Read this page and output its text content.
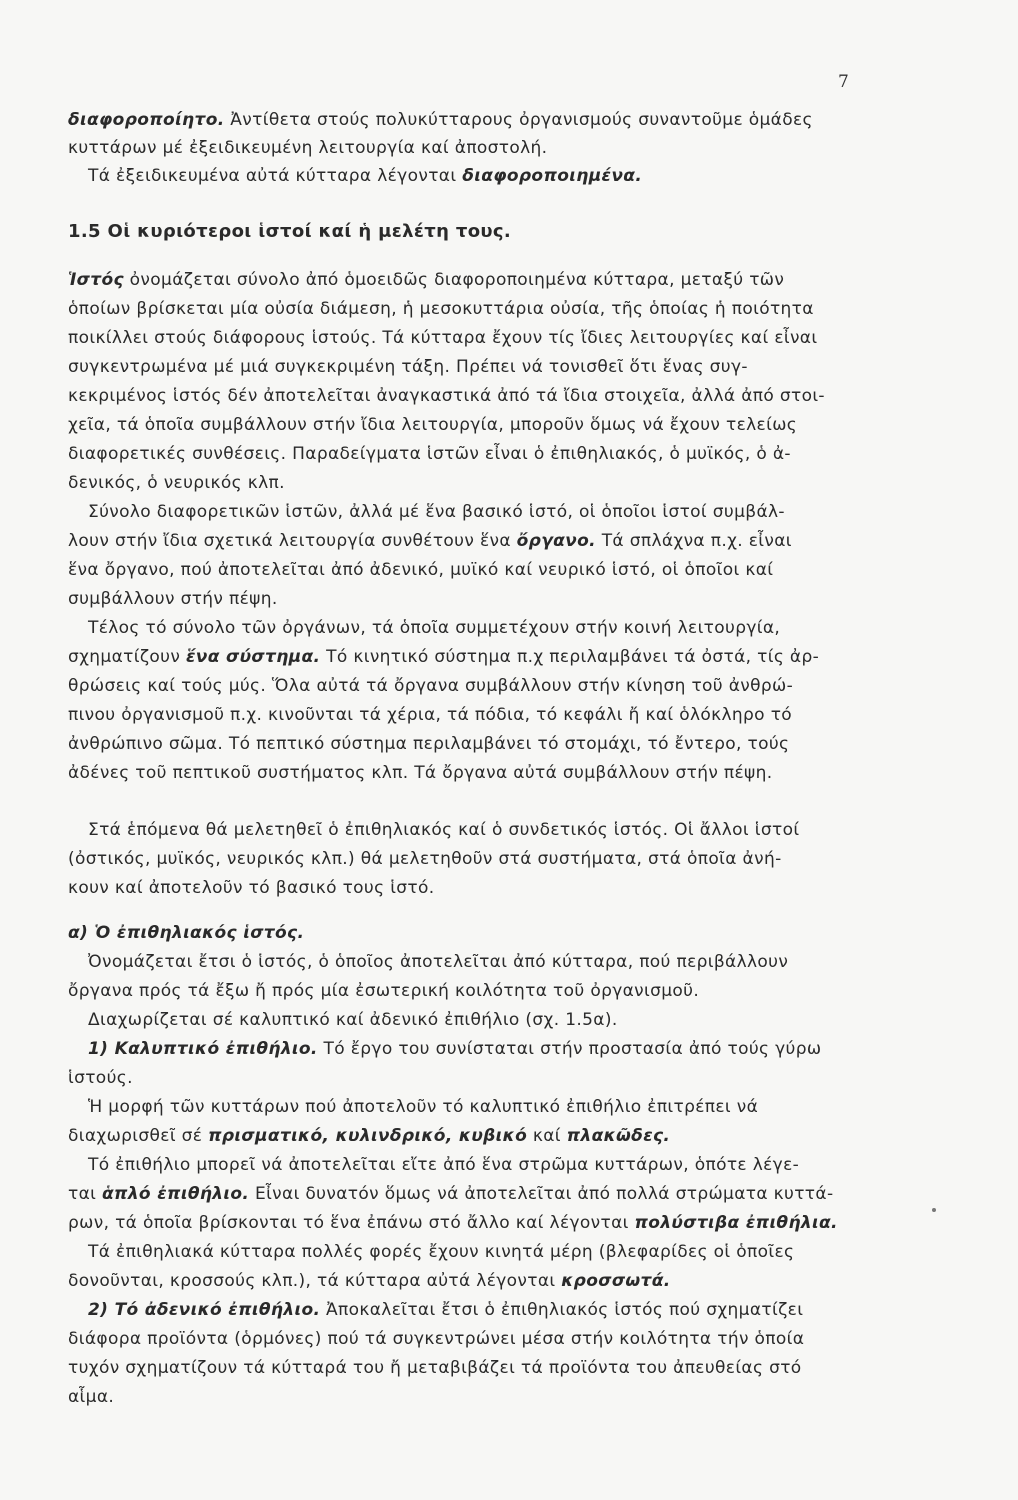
7
διαφοροποίητο. Ἀντίθετα στούς πολυκύτταρους ὀργανισμούς συναντοῦμε ὁμάδες
κυττάρων μέ ἐξειδικευμένη λειτουργία καί ἀποστολή.
Τά ἐξειδικευμένα αὐτά κύτταρα λέγονται διαφοροποιημένα.
1.5 Οἱ κυριότεροι ἱστοί καί ἡ μελέτη τους.
Ἱστός ὀνομάζεται σύνολο ἀπό ὁμοειδῶς διαφοροποιημένα κύτταρα, μεταξύ τῶν
ὁποίων βρίσκεται μία οὐσία διάμεση, ἡ μεσοκυττάρια οὐσία, τῆς ὁποίας ἡ ποιότητα
ποικίλλει στούς διάφορους ἱστούς. Τά κύτταρα ἔχουν τίς ἴδιες λειτουργίες καί εἶναι
συγκεντρωμένα μέ μιά συγκεκριμένη τάξη. Πρέπει νά τονισθεῖ ὅτι ἕνας συγ-
κεκριμένος ἱστός δέν ἀποτελεῖται ἀναγκαστικά ἀπό τά ἴδια στοιχεῖα, ἀλλά ἀπό στοι-
χεῖα, τά ὁποῖα συμβάλλουν στήν ἴδια λειτουργία, μποροῦν ὅμως νά ἔχουν τελείως
διαφορετικές συνθέσεις. Παραδείγματα ἱστῶν εἶναι ὁ ἐπιθηλιακός, ὁ μυϊκός, ὁ ἀ-
δενικός, ὁ νευρικός κλπ.
Σύνολο διαφορετικῶν ἱστῶν, ἀλλά μέ ἕνα βασικό ἱστό, οἱ ὁποῖοι ἱστοί συμβάλ-
λουν στήν ἴδια σχετικά λειτουργία συνθέτουν ἕνα ὄργανο. Τά σπλάχνα π.χ. εἶναι
ἕνα ὄργανο, πού ἀποτελεῖται ἀπό ἀδενικό, μυϊκό καί νευρικό ἱστό, οἱ ὁποῖοι καί
συμβάλλουν στήν πέψη.
Τέλος τό σύνολο τῶν ὀργάνων, τά ὁποῖα συμμετέχουν στήν κοινή λειτουργία,
σχηματίζουν ἕνα σύστημα. Τό κινητικό σύστημα π.χ περιλαμβάνει τά ὀστά, τίς ἀρ-
θρώσεις καί τούς μύς. Ὅλα αὐτά τά ὄργανα συμβάλλουν στήν κίνηση τοῦ ἀνθρώ-
πινου ὀργανισμοῦ π.χ. κινοῦνται τά χέρια, τά πόδια, τό κεφάλι ἤ καί ὁλόκληρο τό
ἀνθρώπινο σῶμα. Τό πεπτικό σύστημα περιλαμβάνει τό στομάχι, τό ἔντερο, τούς
ἀδένες τοῦ πεπτικοῦ συστήματος κλπ. Τά ὄργανα αὐτά συμβάλλουν στήν πέψη.
Στά ἑπόμενα θά μελετηθεῖ ὁ ἐπιθηλιακός καί ὁ συνδετικός ἱστός. Οἱ ἄλλοι ἱστοί
(ὀστικός, μυϊκός, νευρικός κλπ.) θά μελετηθοῦν στά συστήματα, στά ὁποῖα ἀνή-
κουν καί ἀποτελοῦν τό βασικό τους ἱστό.
α) Ὁ ἐπιθηλιακός ἱστός.
Ὀνομάζεται ἔτσι ὁ ἱστός, ὁ ὁποῖος ἀποτελεῖται ἀπό κύτταρα, πού περιβάλλουν
ὄργανα πρός τά ἔξω ἤ πρός μία ἐσωτερική κοιλότητα τοῦ ὀργανισμοῦ.
Διαχωρίζεται σέ καλυπτικό καί ἀδενικό ἐπιθήλιο (σχ. 1.5α).
1) Καλυπτικό ἐπιθήλιο. Τό ἔργο του συνίσταται στήν προστασία ἀπό τούς γύρω
ἱστούς.
Ἡ μορφή τῶν κυττάρων πού ἀποτελοῦν τό καλυπτικό ἐπιθήλιο ἐπιτρέπει νά
διαχωρισθεῖ σέ πρισματικό, κυλινδρικό, κυβικό καί πλακῶδες.
Τό ἐπιθήλιο μπορεῖ νά ἀποτελεῖται εἴτε ἀπό ἕνα στρῶμα κυττάρων, ὁπότε λέγε-
ται ἁπλό ἐπιθήλιο. Εἶναι δυνατόν ὅμως νά ἀποτελεῖται ἀπό πολλά στρώματα κυττά-
ρων, τά ὁποῖα βρίσκονται τό ἕνα ἐπάνω στό ἄλλο καί λέγονται πολύστιβα ἐπιθήλια.
Τά ἐπιθηλιακά κύτταρα πολλές φορές ἔχουν κινητά μέρη (βλεφαρίδες οἱ ὁποῖες
δονοῦνται, κροσσούς κλπ.), τά κύτταρα αὐτά λέγονται κροσσωτά.
2) Τό ἀδενικό ἐπιθήλιο. Ἀποκαλεῖται ἔτσι ὁ ἐπιθηλιακός ἱστός πού σχηματίζει
διάφορα προϊόντα (ὁρμόνες) πού τά συγκεντρώνει μέσα στήν κοιλότητα τήν ὁποία
τυχόν σχηματίζουν τά κύτταρά του ἤ μεταβιβάζει τά προϊόντα του ἀπευθείας στό
αἷμα.
